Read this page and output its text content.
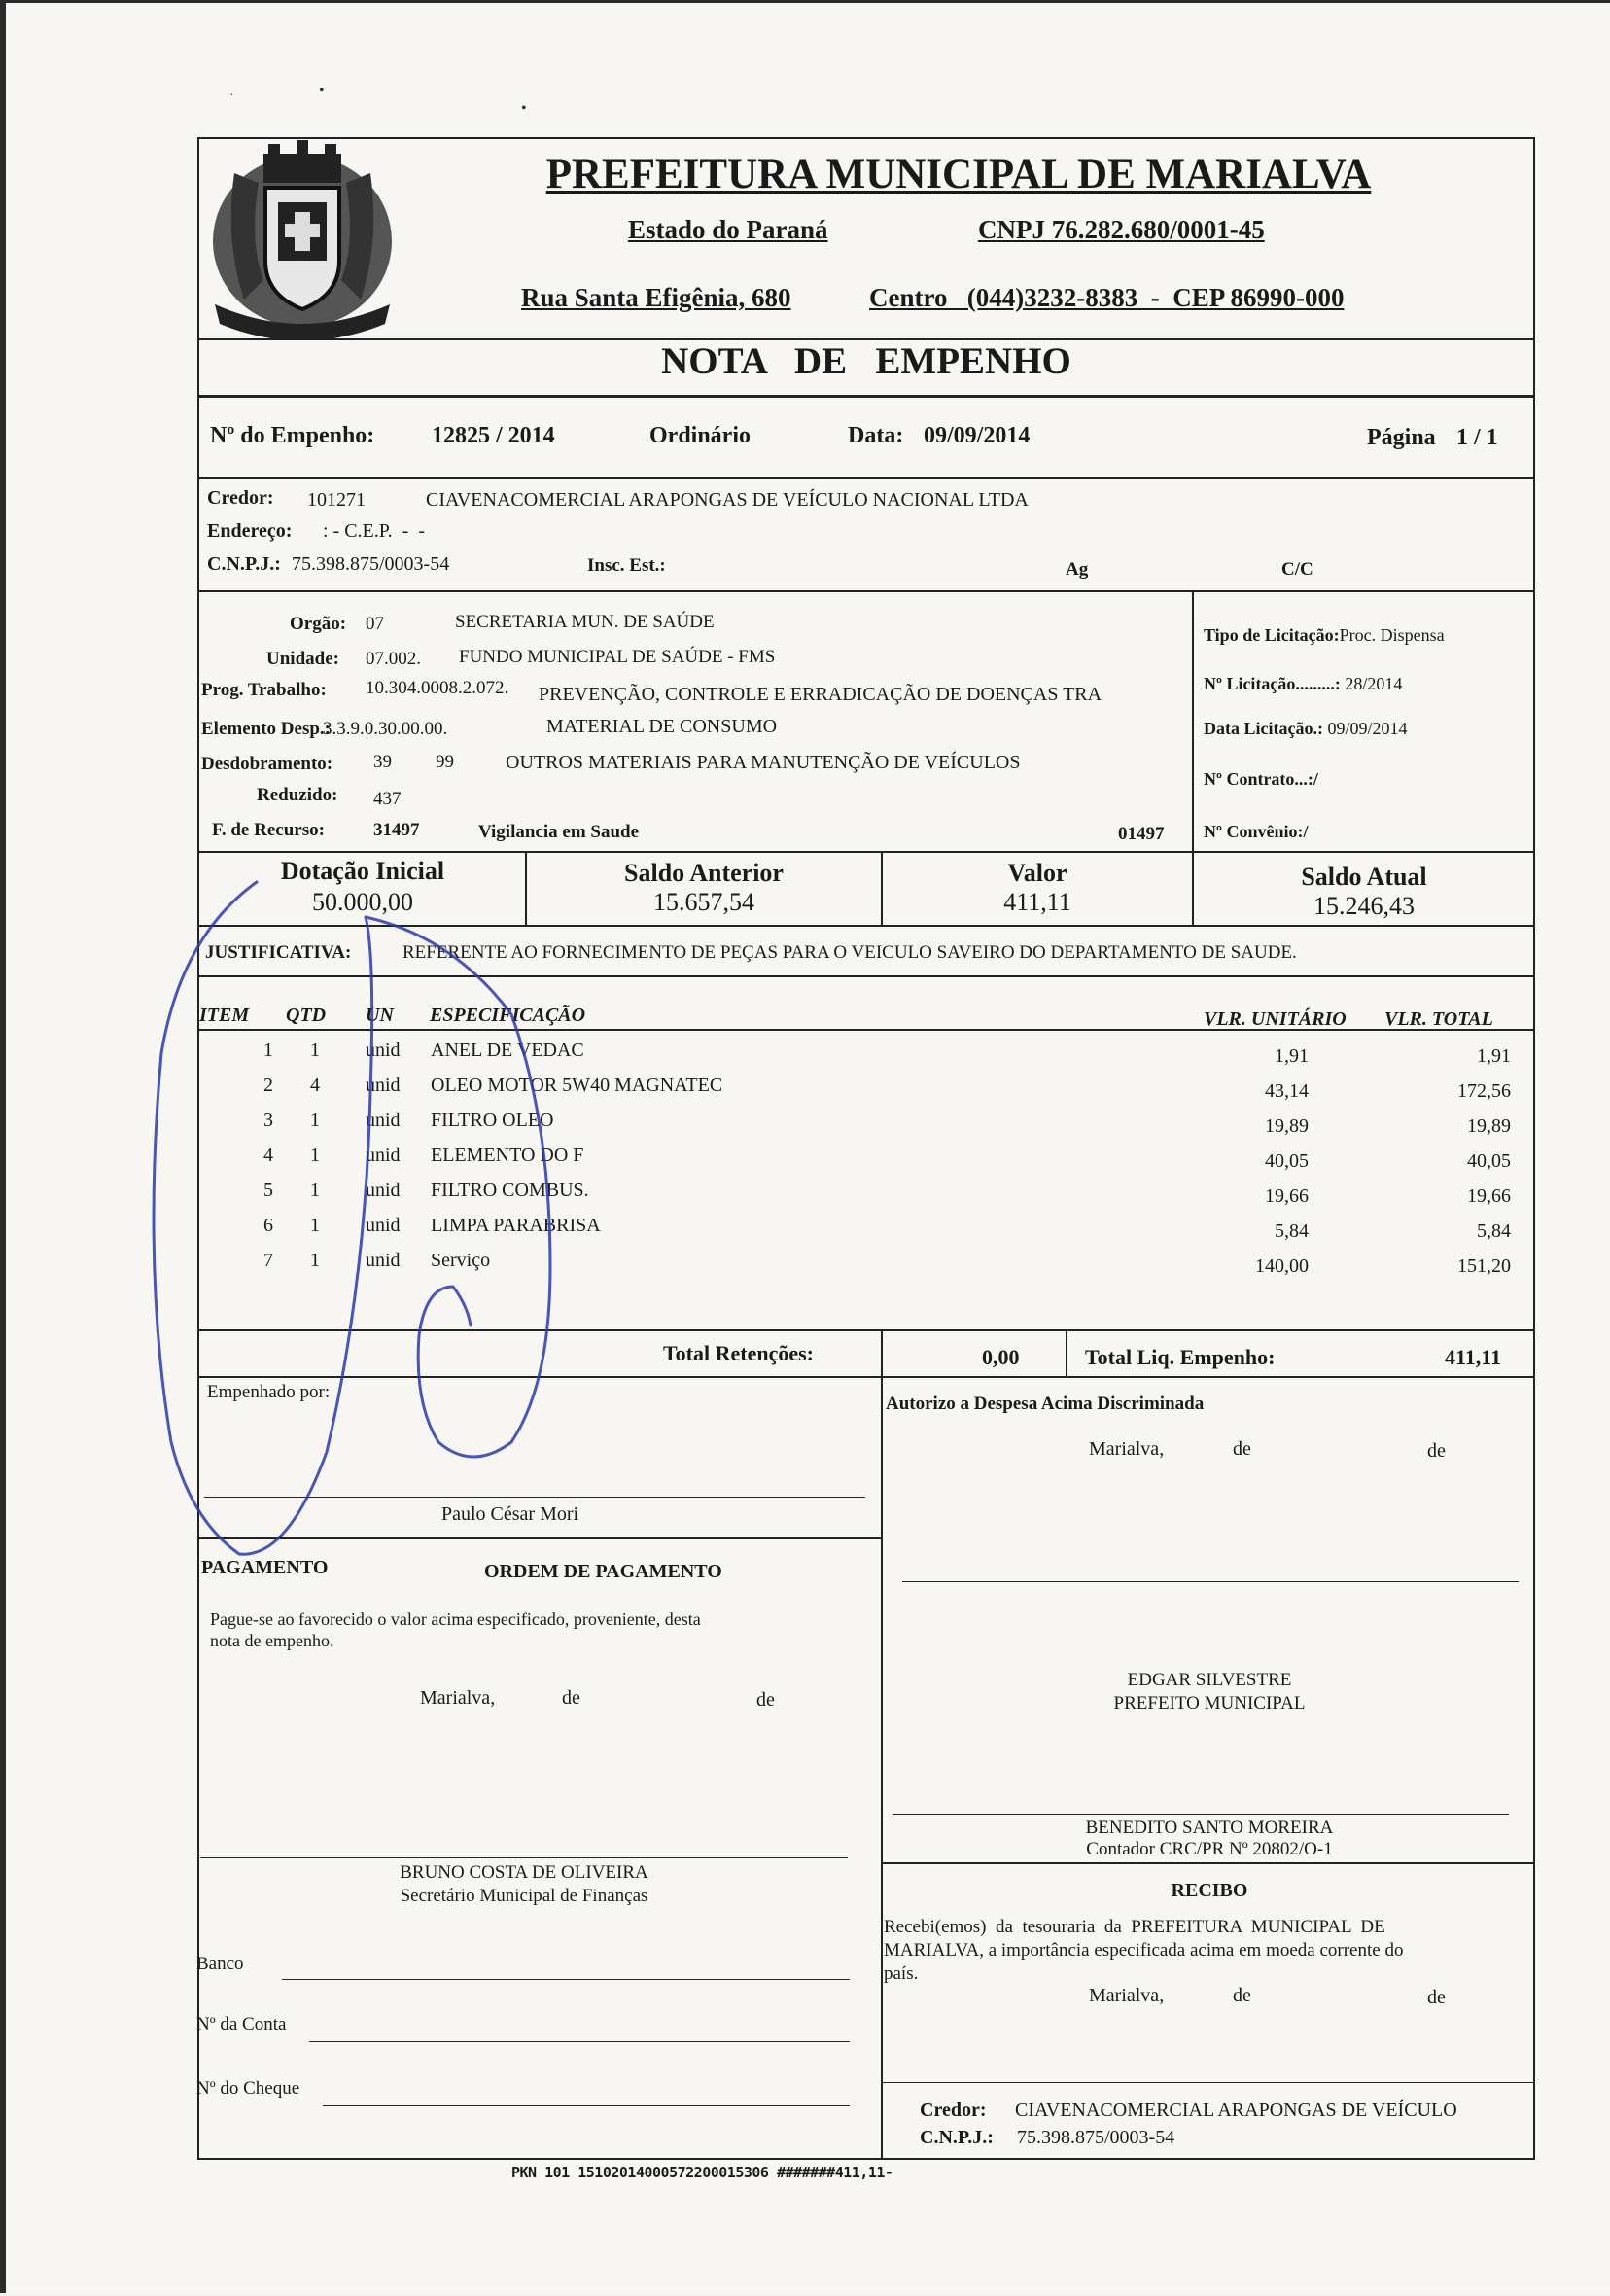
PREFEITURA MUNICIPAL DE MARIALVA
Estado do Paraná	CNPJ 76.282.680/0001-45
Rua Santa Efigênia, 680	Centro   (044)3232-8383  -  CEP 86990-000
NOTA   DE   EMPENHO
Nº do Empenho: 12825 / 2014	Ordinário	Data: 09/09/2014	Página 1 / 1
Credor: 101271	CIAVENACOMERCIAL ARAPONGAS DE VEÍCULO NACIONAL LTDA
Endereço: : - C.E.P.  -  -
C.N.P.J.: 75.398.875/0003-54	Insc. Est.:	Ag	C/C
Orgão: 07	SECRETARIA MUN. DE SAÚDE
Unidade: 07.002. FUNDO MUNICIPAL DE SAÚDE - FMS
Prog. Trabalho: 10.304.0008.2.072. PREVENÇÃO, CONTROLE E ERRADICAÇÃO DE DOENÇAS TRA
Elemento Desp.:
3.3.9.0.30.00.00.	MATERIAL DE CONSUMO
Desdobramento: 39 99	OUTROS MATERIAIS PARA MANUTENÇÃO DE VEÍCULOS
Reduzido: 437
F. de Recurso:	31497	Vigilancia em Saude	01497
Tipo de Licitação:Proc. Dispensa
Nº Licitação.........: 28/2014
Data Licitação.: 09/09/2014
Nº Contrato...:/
Nº Convênio:/
Dotação Inicial
50.000,00
Saldo Anterior
15.657,54
Valor
411,11
Saldo Atual
15.246,43
JUSTIFICATIVA:	REFERENTE AO FORNECIMENTO DE PEÇAS PARA O VEICULO SAVEIRO DO DEPARTAMENTO DE SAUDE.
ITEM QTD UN ESPECIFICAÇÃO	VLR. UNITÁRIO VLR. TOTAL
1	1 unid	ANEL DE VEDAC	1,91	1,91
2	4 unid	OLEO MOTOR 5W40 MAGNATEC	43,14	172,56
3	1 unid	FILTRO OLEO	19,89	19,89
4	1 unid	ELEMENTO DO F	40,05	40,05
5	1 unid	FILTRO COMBUS.	19,66	19,66
6	1 unid	LIMPA PARABRISA	5,84	5,84
7	1 unid	Serviço	140,00	151,20
Total Retenções:	0,00	Total Liq. Empenho:	411,11
Empenhado por:
Paulo César Mori
Autorizo a Despesa Acima Discriminada
Marialva,	de	de
PAGAMENTO	ORDEM DE PAGAMENTO
Pague-se ao favorecido o valor acima especificado, proveniente, desta
nota de empenho.
Marialva,	de	de
EDGAR SILVESTRE
PREFEITO MUNICIPAL
BENEDITO SANTO MOREIRA
Contador CRC/PR Nº 20802/O-1
BRUNO COSTA DE OLIVEIRA
Secretário Municipal de Finanças	RECIBO
Recebi(emos)  da  tesouraria  da  PREFEITURA  MUNICIPAL  DE
MARIALVA, a importância especificada acima em moeda corrente do
país.
Marialva,	de	de
Banco
Nº da Conta
Nº do Cheque
Credor: CIAVENACOMERCIAL ARAPONGAS DE VEÍCULO
C.N.P.J.: 75.398.875/0003-54
PKN 101 15102014000572200015306 #######411,11-
·	•
•
